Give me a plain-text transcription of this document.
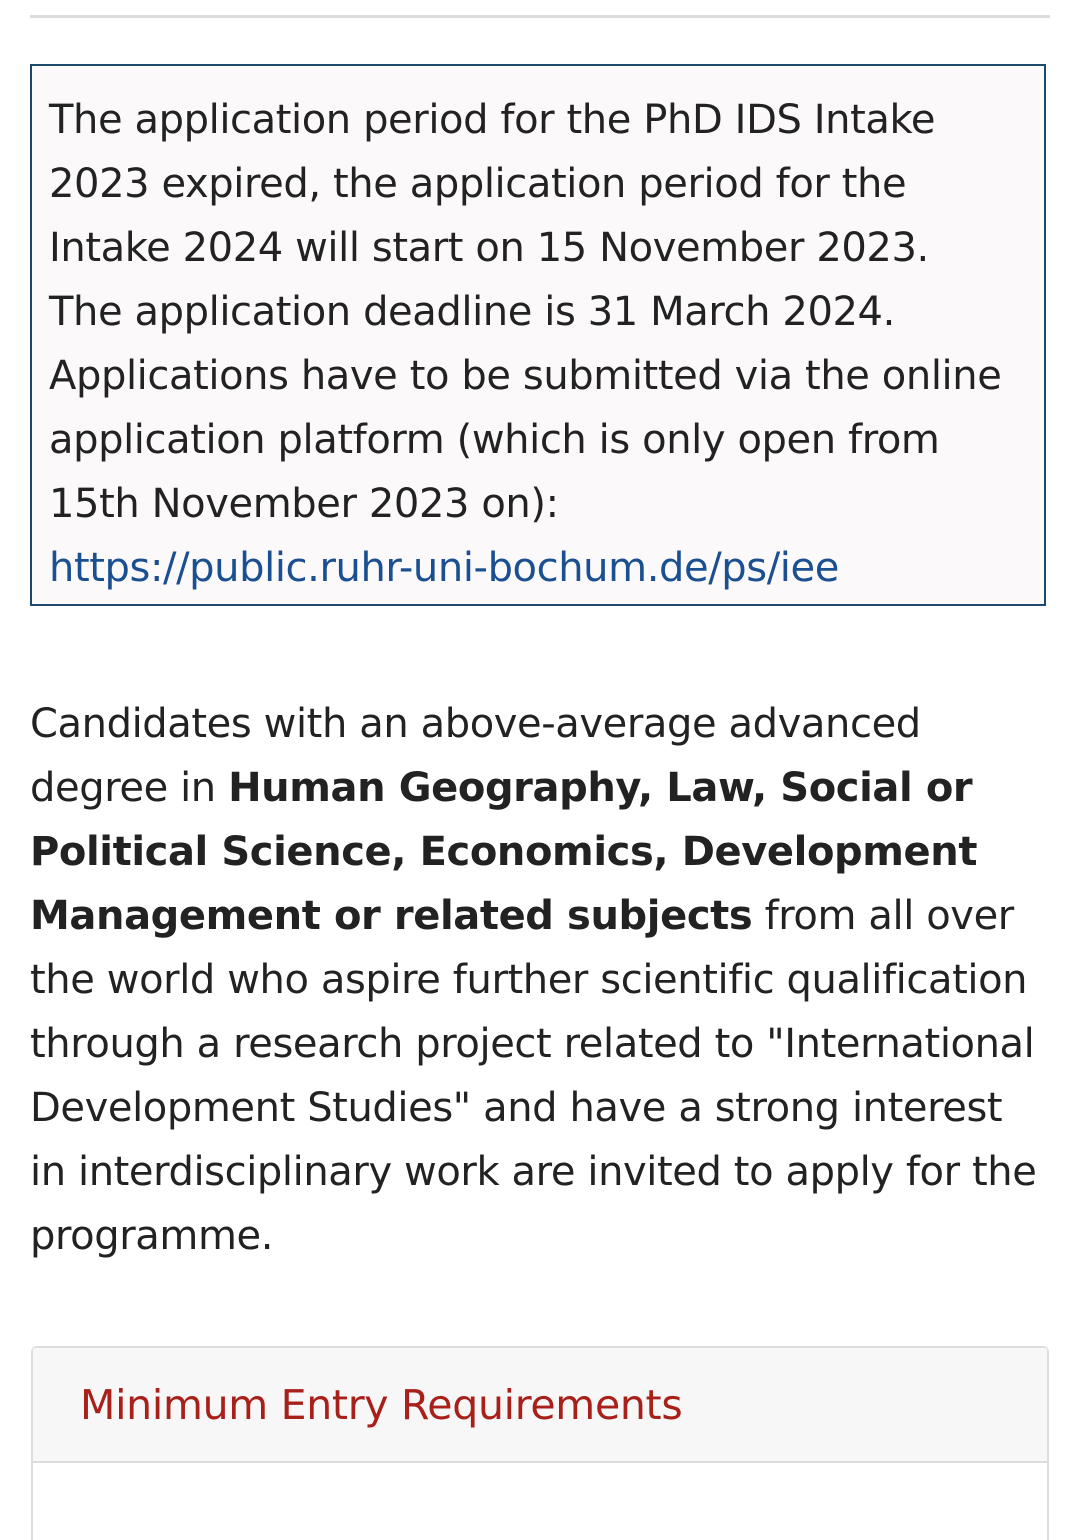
The application period for the PhD IDS Intake 2023 expired, the application period for the Intake 2024 will start on 15 November 2023.
The application deadline is 31 March 2024.
Applications have to be submitted via the online application platform (which is only open from 15th November 2023 on):
https://public.ruhr-uni-bochum.de/ps/iee

Candidates with an above-average advanced degree in Human Geography, Law, Social or Political Science, Economics, Development Management or related subjects from all over the world who aspire further scientific qualification through a research project related to "International Development Studies" and have a strong interest in interdisciplinary work are invited to apply for the programme.

Minimum Entry Requirements
